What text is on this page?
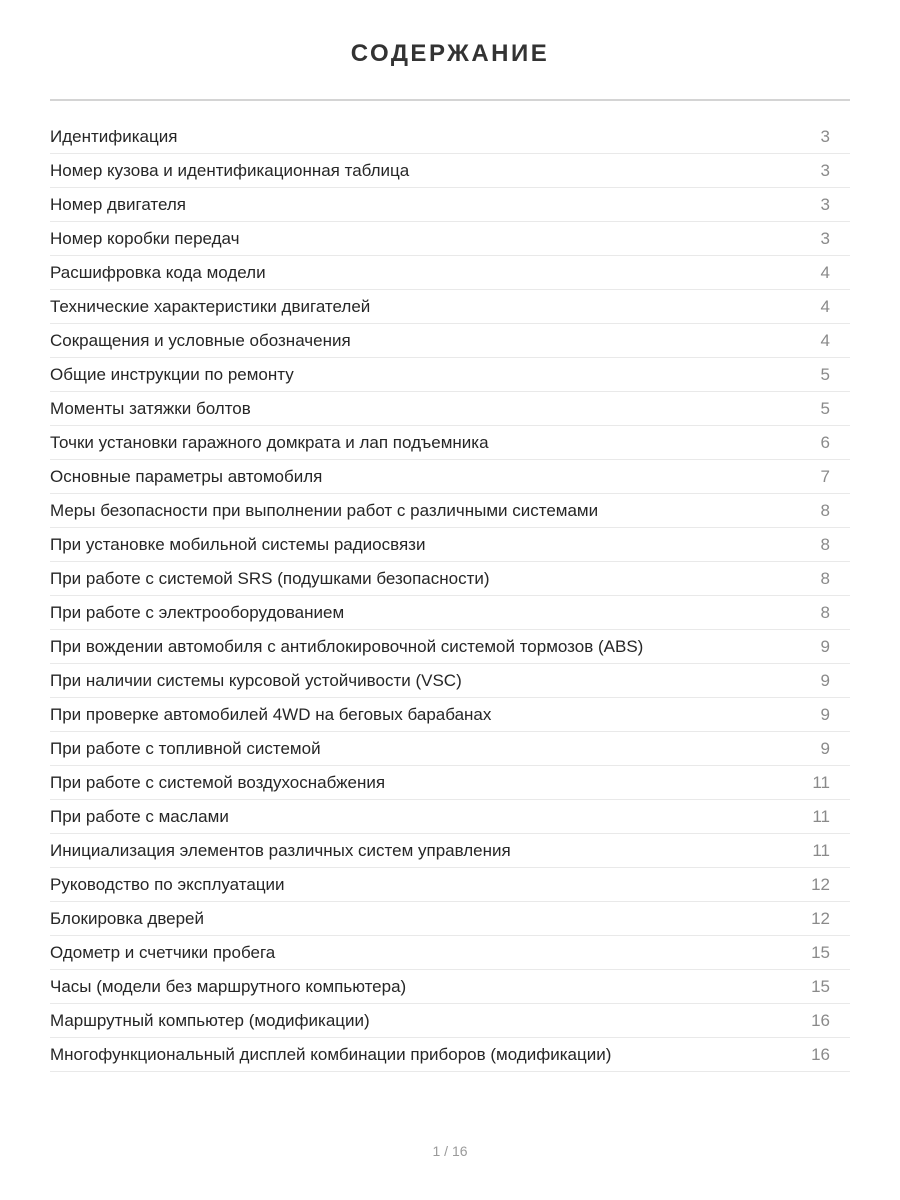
СОДЕРЖАНИЕ
Идентификация	3
Номер кузова и идентификационная таблица	3
Номер двигателя	3
Номер коробки передач	3
Расшифровка кода модели	4
Технические характеристики двигателей	4
Сокращения и условные обозначения	4
Общие инструкции по ремонту	5
Моменты затяжки болтов	5
Точки установки гаражного домкрата и лап подъемника	6
Основные параметры автомобиля	7
Меры безопасности при выполнении работ с различными системами	8
При установке мобильной системы радиосвязи	8
При работе с системой SRS (подушками безопасности)	8
При работе с электрооборудованием	8
При вождении автомобиля с антиблокировочной системой тормозов (ABS)	9
При наличии системы курсовой устойчивости (VSC)	9
При проверке автомобилей 4WD на беговых барабанах	9
При работе с топливной системой	9
При работе с системой воздухоснабжения	11
При работе с маслами	11
Инициализация элементов различных систем управления	11
Руководство по эксплуатации	12
Блокировка дверей	12
Одометр и счетчики пробега	15
Часы (модели без маршрутного компьютера)	15
Маршрутный компьютер (модификации)	16
Многофункциональный дисплей комбинации приборов (модификации)	16
1 / 16
